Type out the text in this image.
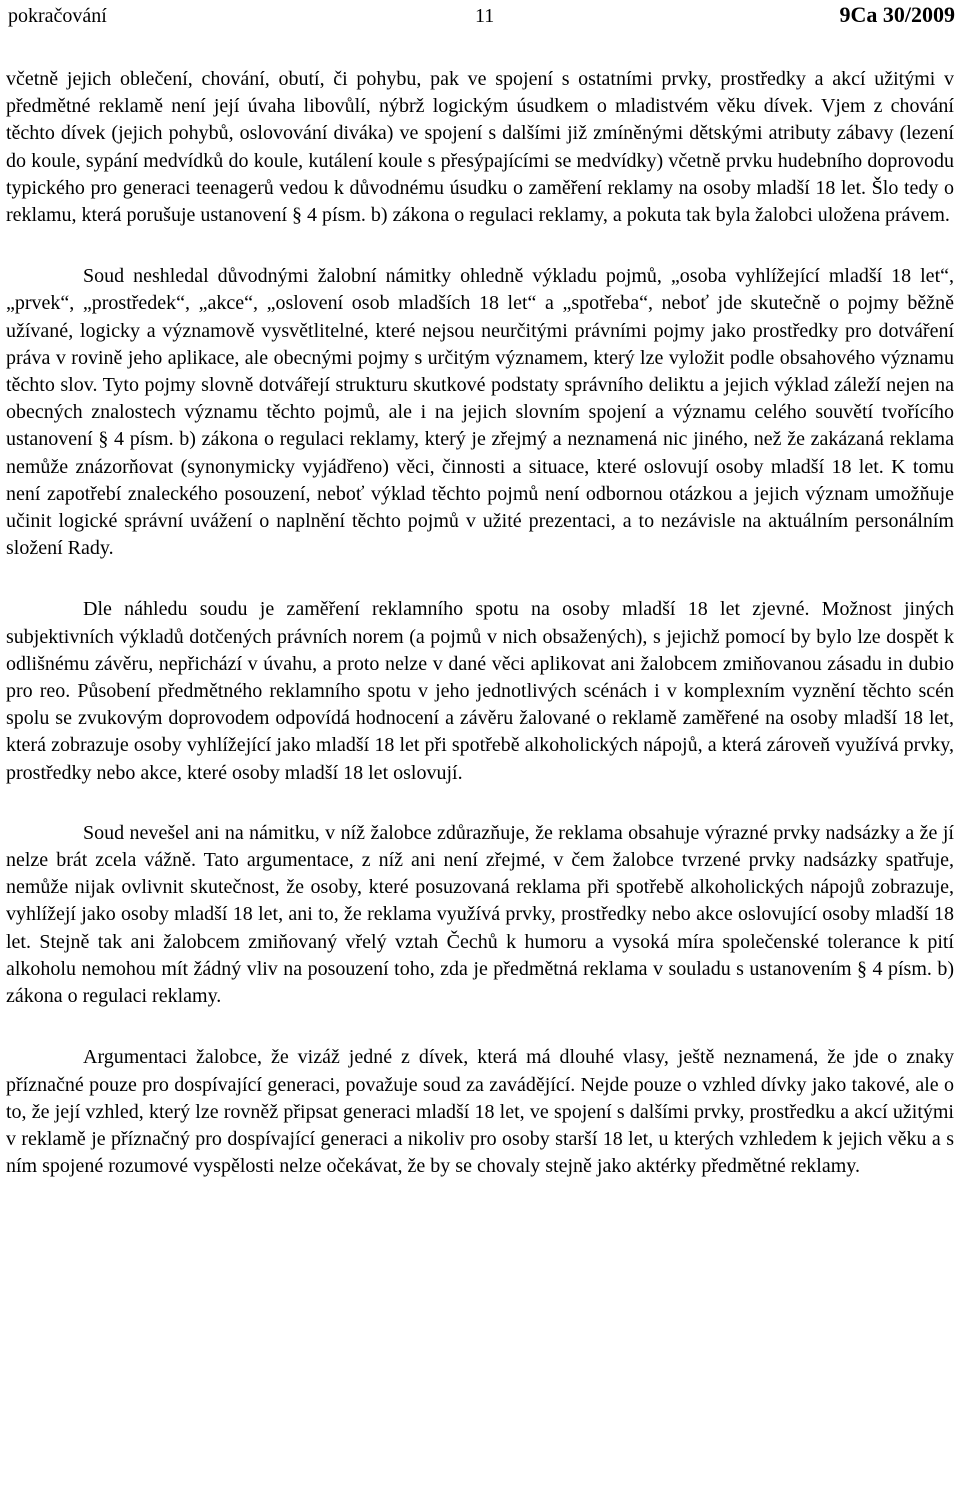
pokračování	11	9Ca 30/2009

včetně jejich oblečení, chování, obutí, či pohybu, pak ve spojení s ostatními prvky, prostředky a akcí užitými v předmětné reklamě není její úvaha libovůlí, nýbrž logickým úsudkem o mladistvém věku dívek. Vjem z chování těchto dívek (jejich pohybů, oslovování diváka) ve spojení s dalšími již zmíněnými dětskými atributy zábavy (lezení do koule, sypání medvídků do koule, kutálení koule s přesýpajícími se medvídky) včetně prvku hudebního doprovodu typického pro generaci teenagerů vedou k důvodnému úsudku o zaměření reklamy na osoby mladší 18 let. Šlo tedy o reklamu, která porušuje ustanovení § 4 písm. b) zákona o regulaci reklamy, a pokuta tak byla žalobci uložena právem.

Soud neshledal důvodnými žalobní námitky ohledně výkladu pojmů, „osoba vyhlížející mladší 18 let“, „prvek“, „prostředek“, „akce“, „oslovení osob mladších 18 let“ a „spotřeba“, neboť jde skutečně o pojmy běžně užívané, logicky a významově vysvětlitelné, které nejsou neurčitými právními pojmy jako prostředky pro dotváření práva v rovině jeho aplikace, ale obecnými pojmy s určitým významem, který lze vyložit podle obsahového významu těchto slov. Tyto pojmy slovně dotvářejí strukturu skutkové podstaty správního deliktu a jejich výklad záleží nejen na obecných znalostech významu těchto pojmů, ale i na jejich slovním spojení a významu celého souvětí tvořícího ustanovení § 4 písm. b) zákona o regulaci reklamy, který je zřejmý a neznamená nic jiného, než že zakázaná reklama nemůže znázorňovat (synonymicky vyjádřeno) věci, činnosti a situace, které oslovují osoby mladší 18 let. K tomu není zapotřebí znaleckého posouzení, neboť výklad těchto pojmů není odbornou otázkou a jejich význam umožňuje učinit logické správní uvážení o naplnění těchto pojmů v užité prezentaci, a to nezávisle na aktuálním personálním složení Rady.

Dle náhledu soudu je zaměření reklamního spotu na osoby mladší 18 let zjevné. Možnost jiných subjektivních výkladů dotčených právních norem (a pojmů v nich obsažených), s jejichž pomocí by bylo lze dospět k odlišnému závěru, nepřichází v úvahu, a proto nelze v dané věci aplikovat ani žalobcem zmiňovanou zásadu in dubio pro reo. Působení předmětného reklamního spotu v jeho jednotlivých scénách i v komplexním vyznění těchto scén spolu se zvukovým doprovodem odpovídá hodnocení a závěru žalované o reklamě zaměřené na osoby mladší 18 let, která zobrazuje osoby vyhlížející jako mladší 18 let při spotřebě alkoholických nápojů, a která zároveň využívá prvky, prostředky nebo akce, které osoby mladší 18 let oslovují.

Soud nevešel ani na námitku, v níž žalobce zdůrazňuje, že reklama obsahuje výrazné prvky nadsázky a že jí nelze brát zcela vážně. Tato argumentace, z níž ani není zřejmé, v čem žalobce tvrzené prvky nadsázky spatřuje, nemůže nijak ovlivnit skutečnost, že osoby, které posuzovaná reklama při spotřebě alkoholických nápojů zobrazuje, vyhlížejí jako osoby mladší 18 let, ani to, že reklama využívá prvky, prostředky nebo akce oslovující osoby mladší 18 let. Stejně tak ani žalobcem zmiňovaný vřelý vztah Čechů k humoru a vysoká míra společenské tolerance k pití alkoholu nemohou mít žádný vliv na posouzení toho, zda je předmětná reklama v souladu s ustanovením § 4 písm. b) zákona o regulaci reklamy.

Argumentaci žalobce, že vizáž jedné z dívek, která má dlouhé vlasy, ještě neznamená, že jde o znaky příznačné pouze pro dospívající generaci, považuje soud za zavádějící. Nejde pouze o vzhled dívky jako takové, ale o to, že její vzhled, který lze rovněž připsat generaci mladší 18 let, ve spojení s dalšími prvky, prostředku a akcí užitými v reklamě je příznačný pro dospívající generaci a nikoliv pro osoby starší 18 let, u kterých vzhledem k jejich věku a s ním spojené rozumové vyspělosti nelze očekávat, že by se chovaly stejně jako aktérky předmětné reklamy.
